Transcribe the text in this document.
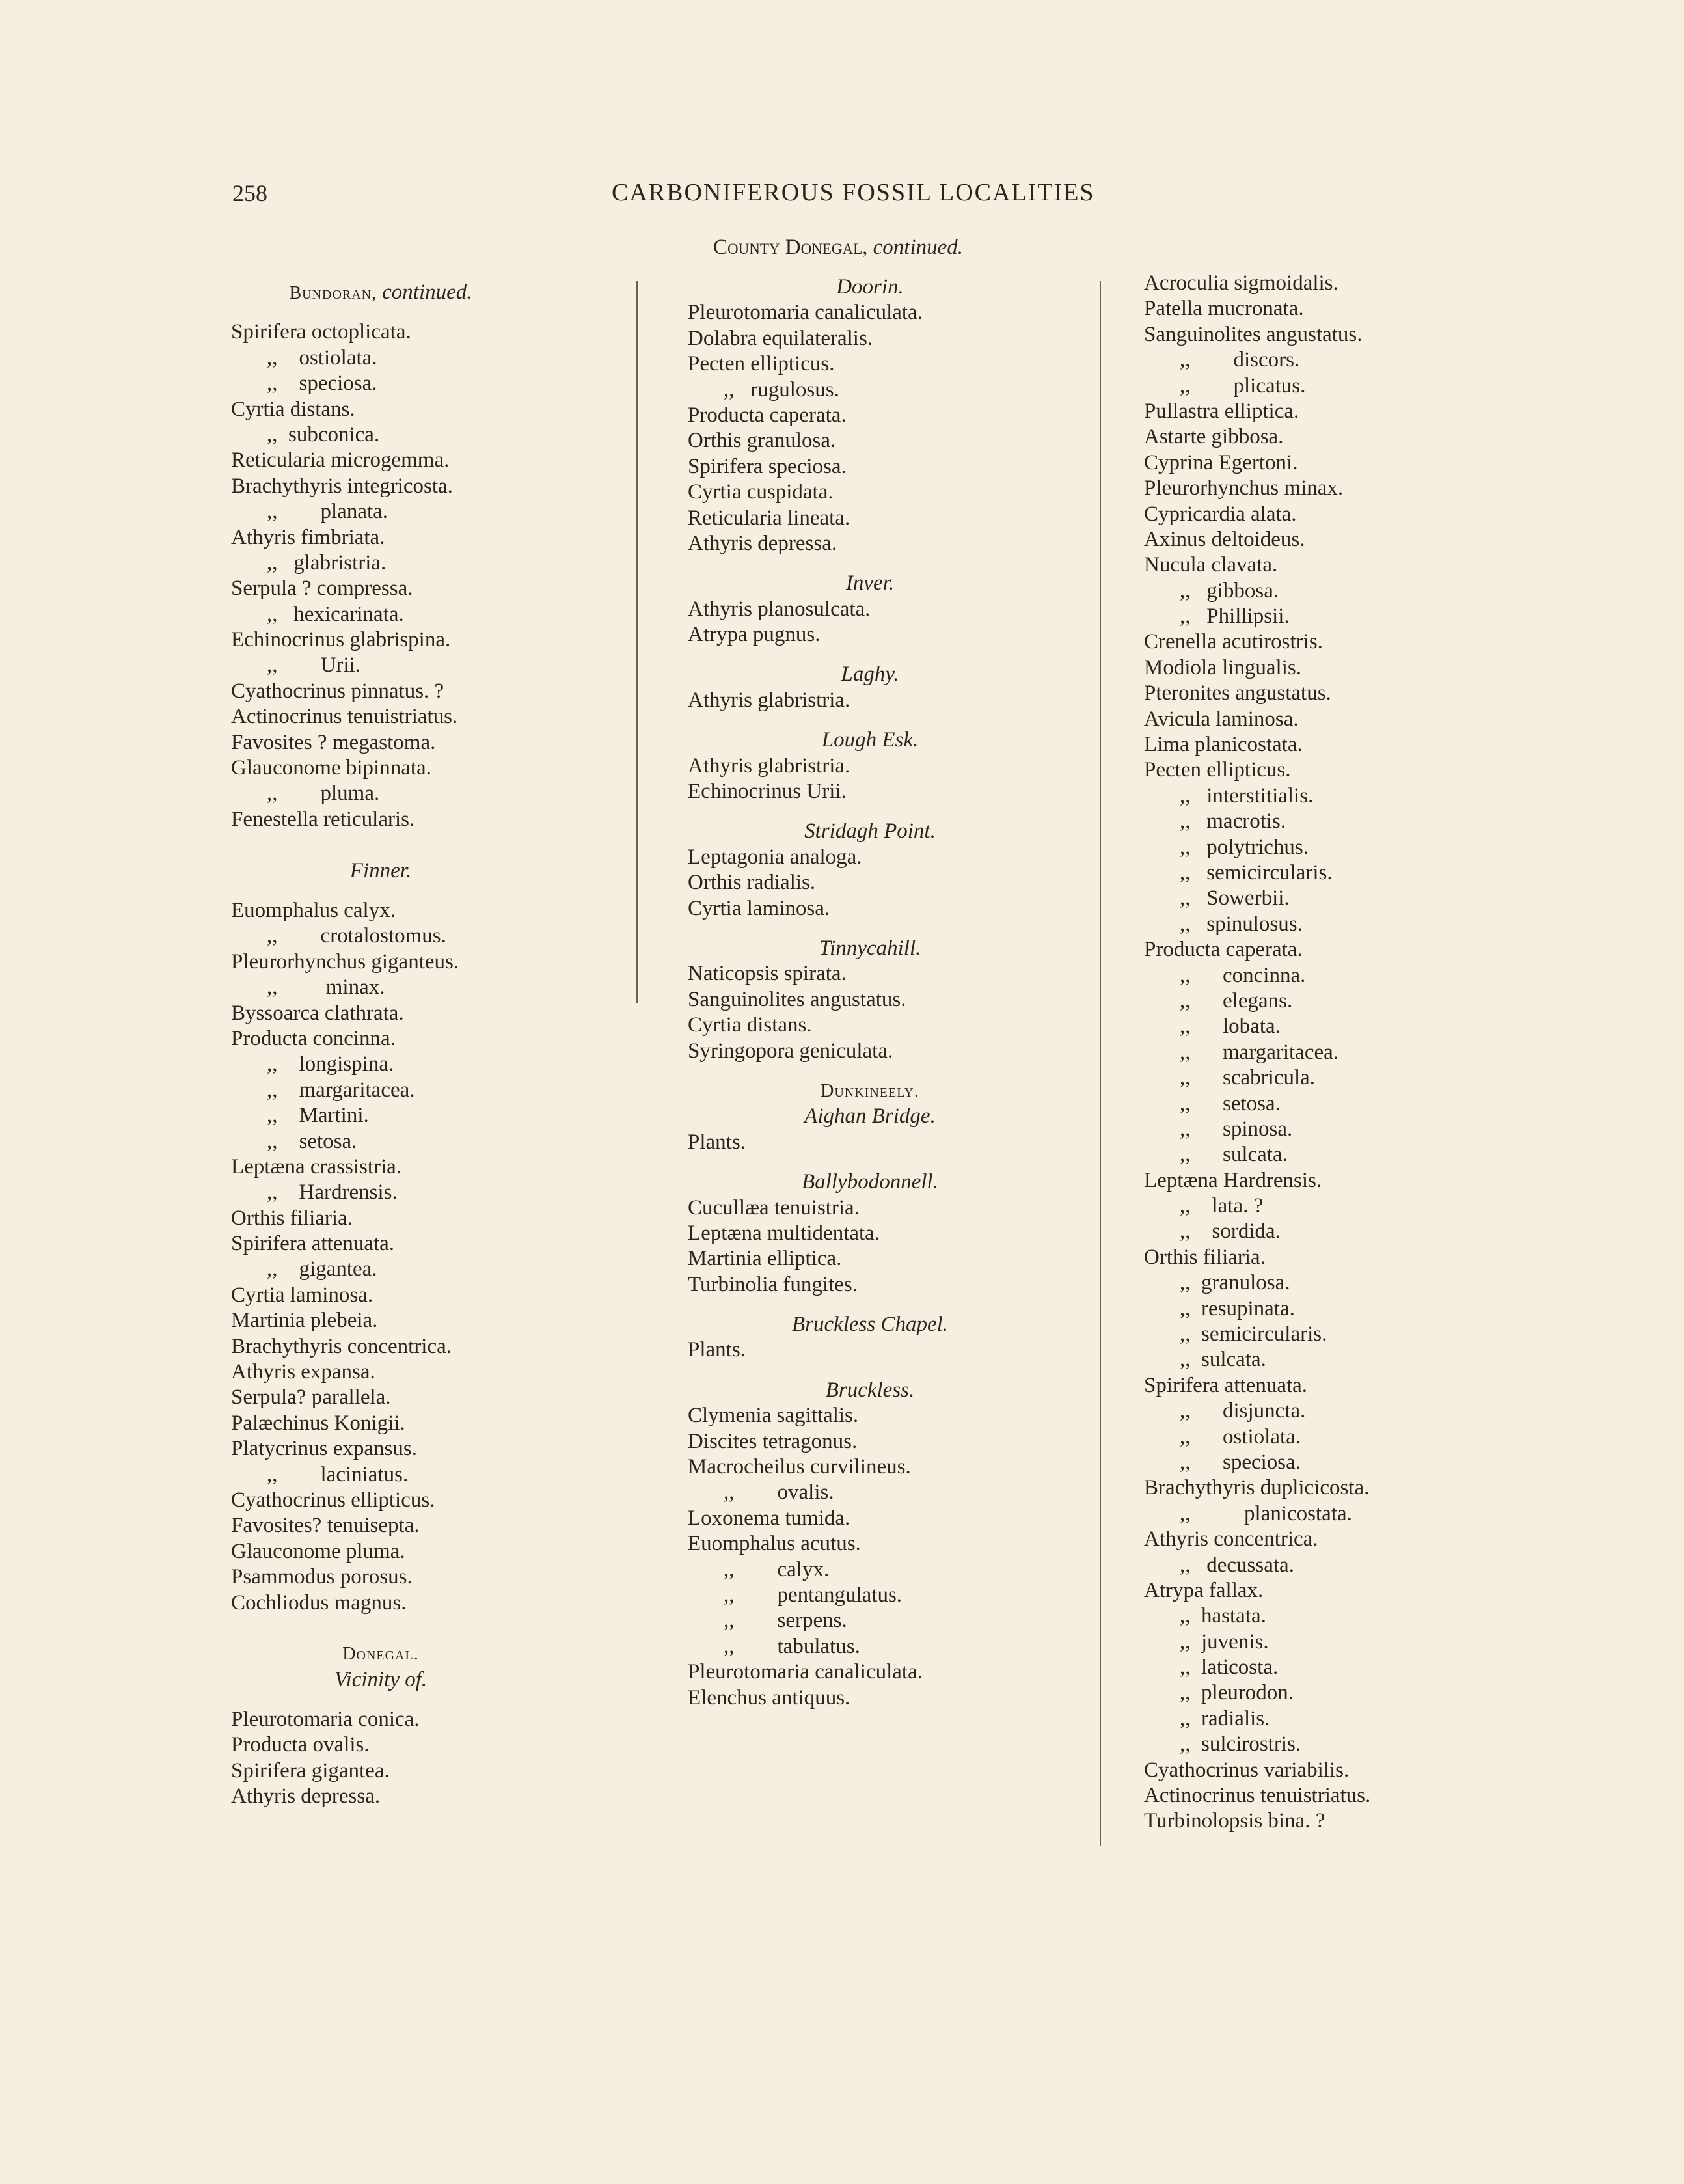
258	CARBONIFEROUS FOSSIL LOCALITIES
County Donegal, continued.
Bundoran, continued.
Spirifera octoplicata.
,,    ostiolata.
,,    speciosa.
Cyrtia distans.
,,  subconica.
Reticularia microgemma.
Brachythyris integricosta.
,,        planata.
Athyris fimbriata.
,,   glabristria.
Serpula ? compressa.
,,   hexicarinata.
Echinocrinus glabrispina.
,,        Urii.
Cyathocrinus pinnatus. ?
Actinocrinus tenuistriatus.
Favosites ? megastoma.
Glauconome bipinnata.
,,        pluma.
Fenestella reticularis.
Finner.
Euomphalus calyx.
,,        crotalostomus.
Pleurorhynchus giganteus.
,,         minax.
Byssoarca clathrata.
Producta concinna.
,,    longispina.
,,    margaritacea.
,,    Martini.
,,    setosa.
Leptæna crassistria.
,,    Hardrensis.
Orthis filiaria.
Spirifera attenuata.
,,    gigantea.
Cyrtia laminosa.
Martinia plebeia.
Brachythyris concentrica.
Athyris expansa.
Serpula? parallela.
Palæchinus Konigii.
Platycrinus expansus.
,,        laciniatus.
Cyathocrinus ellipticus.
Favosites? tenuisepta.
Glauconome pluma.
Psammodus porosus.
Cochliodus magnus.
Donegal.
Vicinity of.
Pleurotomaria conica.
Producta ovalis.
Spirifera gigantea.
Athyris depressa.
Doorin.
Pleurotomaria canaliculata.
Dolabra equilateralis.
Pecten ellipticus.
,,   rugulosus.
Producta caperata.
Orthis granulosa.
Spirifera speciosa.
Cyrtia cuspidata.
Reticularia lineata.
Athyris depressa.
Inver.
Athyris planosulcata.
Atrypa pugnus.
Laghy.
Athyris glabristria.
Lough Esk.
Athyris glabristria.
Echinocrinus Urii.
Stridagh Point.
Leptagonia analoga.
Orthis radialis.
Cyrtia laminosa.
Tinnycahill.
Naticopsis spirata.
Sanguinolites angustatus.
Cyrtia distans.
Syringopora geniculata.
Dunkineely.
Aighan Bridge.
Plants.
Ballybodonnell.
Cucullæa tenuistria.
Leptæna multidentata.
Martinia elliptica.
Turbinolia fungites.
Bruckless Chapel.
Plants.
Bruckless.
Clymenia sagittalis.
Discites tetragonus.
Macrocheilus curvilineus.
,,        ovalis.
Loxonema tumida.
Euomphalus acutus.
,,        calyx.
,,        pentangulatus.
,,        serpens.
,,        tabulatus.
Pleurotomaria canaliculata.
Elenchus antiquus.
Acroculia sigmoidalis.
Patella mucronata.
Sanguinolites angustatus.
,,        discors.
,,        plicatus.
Pullastra elliptica.
Astarte gibbosa.
Cyprina Egertoni.
Pleurorhynchus minax.
Cypricardia alata.
Axinus deltoideus.
Nucula clavata.
,,   gibbosa.
,,   Phillipsii.
Crenella acutirostris.
Modiola lingualis.
Pteronites angustatus.
Avicula laminosa.
Lima planicostata.
Pecten ellipticus.
,,   interstitialis.
,,   macrotis.
,,   polytrichus.
,,   semicircularis.
,,   Sowerbii.
,,   spinulosus.
Producta caperata.
,,      concinna.
,,      elegans.
,,      lobata.
,,      margaritacea.
,,      scabricula.
,,      setosa.
,,      spinosa.
,,      sulcata.
Leptæna Hardrensis.
,,    lata. ?
,,    sordida.
Orthis filiaria.
,,  granulosa.
,,  resupinata.
,,  semicircularis.
,,  sulcata.
Spirifera attenuata.
,,      disjuncta.
,,      ostiolata.
,,      speciosa.
Brachythyris duplicicosta.
,,          planicostata.
Athyris concentrica.
,,   decussata.
Atrypa fallax.
,,  hastata.
,,  juvenis.
,,  laticosta.
,,  pleurodon.
,,  radialis.
,,  sulcirostris.
Cyathocrinus variabilis.
Actinocrinus tenuistriatus.
Turbinolopsis bina. ?
